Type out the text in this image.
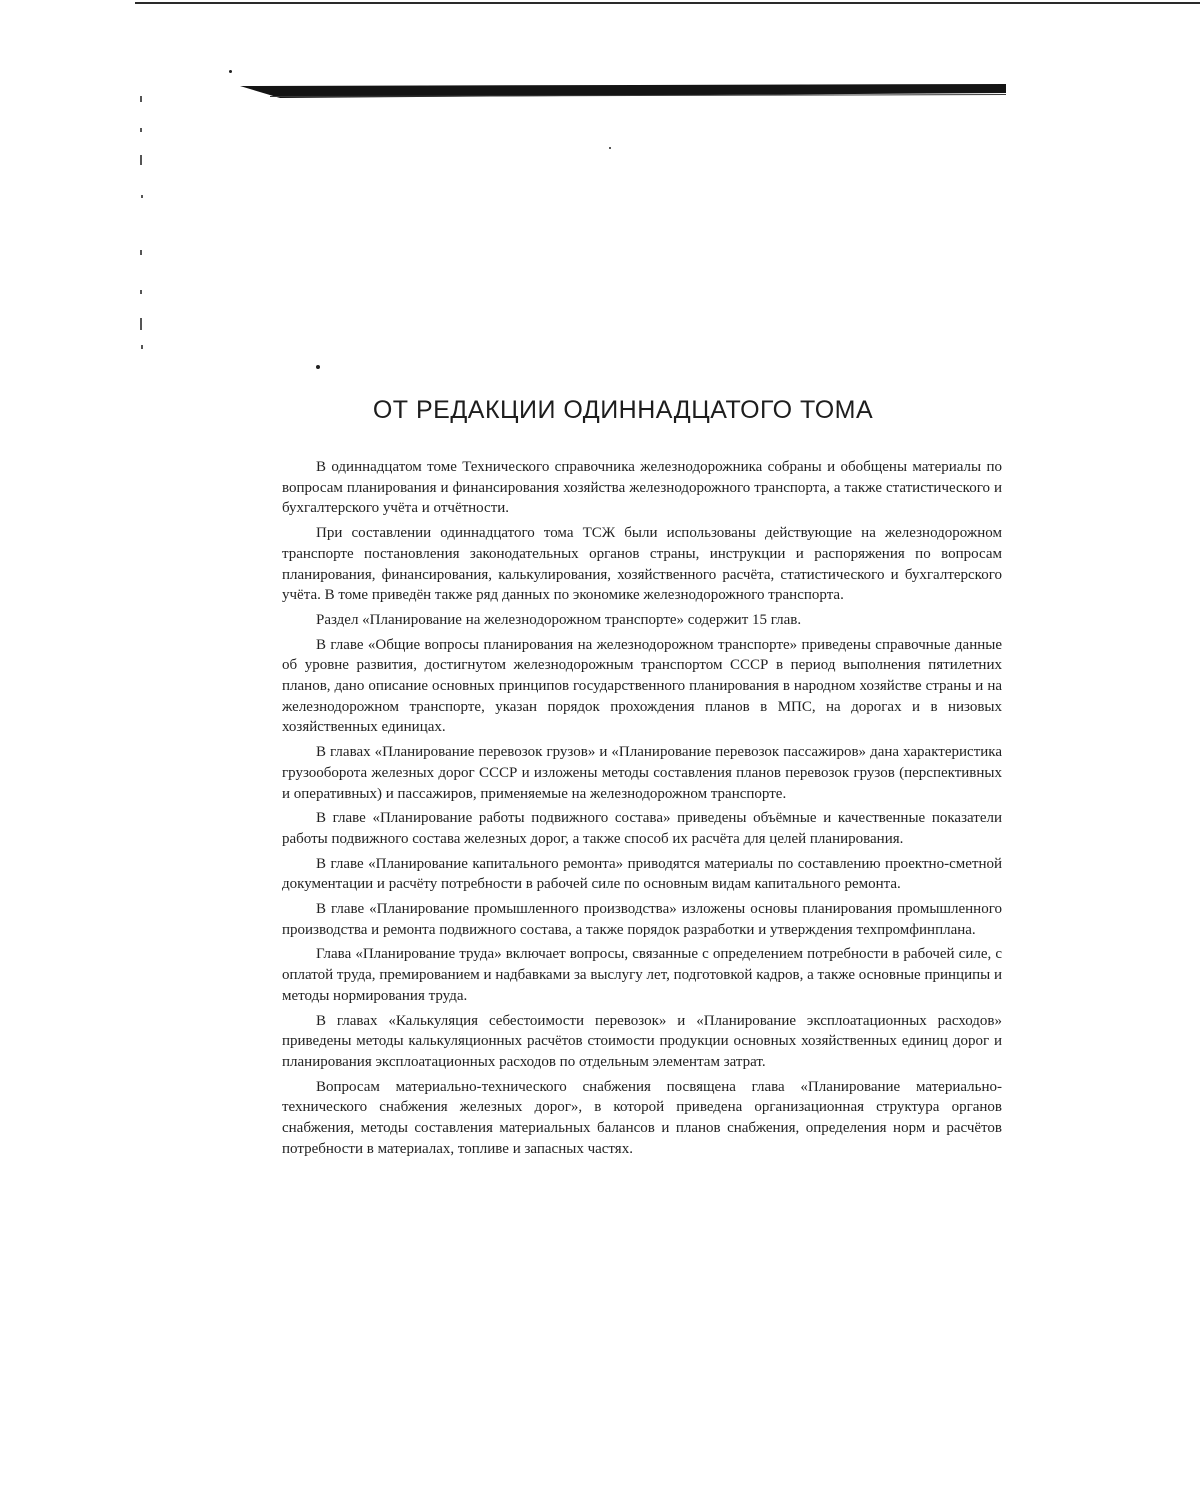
ОТ РЕДАКЦИИ ОДИННАДЦАТОГО ТОМА

В одиннадцатом томе Технического справочника железнодорожника собраны и обобщены материалы по вопросам планирования и финансирования хозяйства железнодорожного транспорта, а также статистического и бухгалтерского учёта и отчётности.

При составлении одиннадцатого тома ТСЖ были использованы действующие на железнодорожном транспорте постановления законодательных органов страны, инструкции и распоряжения по вопросам планирования, финансирования, калькулирования, хозяйственного расчёта, статистического и бухгалтерского учёта. В томе приведён также ряд данных по экономике железнодорожного транспорта.

Раздел «Планирование на железнодорожном транспорте» содержит 15 глав.

В главе «Общие вопросы планирования на железнодорожном транспорте» приведены справочные данные об уровне развития, достигнутом железнодорожным транспортом СССР в период выполнения пятилетних планов, дано описание основных принципов государственного планирования в народном хозяйстве страны и на железнодорожном транспорте, указан порядок прохождения планов в МПС, на дорогах и в низовых хозяйственных единицах.

В главах «Планирование перевозок грузов» и «Планирование перевозок пассажиров» дана характеристика грузооборота железных дорог СССР и изложены методы составления планов перевозок грузов (перспективных и оперативных) и пассажиров, применяемые на железнодорожном транспорте.

В главе «Планирование работы подвижного состава» приведены объёмные и качественные показатели работы подвижного состава железных дорог, а также способ их расчёта для целей планирования.

В главе «Планирование капитального ремонта» приводятся материалы по составлению проектно-сметной документации и расчёту потребности в рабочей силе по основным видам капитального ремонта.

В главе «Планирование промышленного производства» изложены основы планирования промышленного производства и ремонта подвижного состава, а также порядок разработки и утверждения техпромфинплана.

Глава «Планирование труда» включает вопросы, связанные с определением потребности в рабочей силе, с оплатой труда, премированием и надбавками за выслугу лет, подготовкой кадров, а также основные принципы и методы нормирования труда.

В главах «Калькуляция себестоимости перевозок» и «Планирование эксплоатационных расходов» приведены методы калькуляционных расчётов стоимости продукции основных хозяйственных единиц дорог и планирования эксплоатационных расходов по отдельным элементам затрат.

Вопросам материально-технического снабжения посвящена глава «Планирование материально-технического снабжения железных дорог», в которой приведена организационная структура органов снабжения, методы составления материальных балансов и планов снабжения, определения норм и расчётов потребности в материалах, топливе и запасных частях.
